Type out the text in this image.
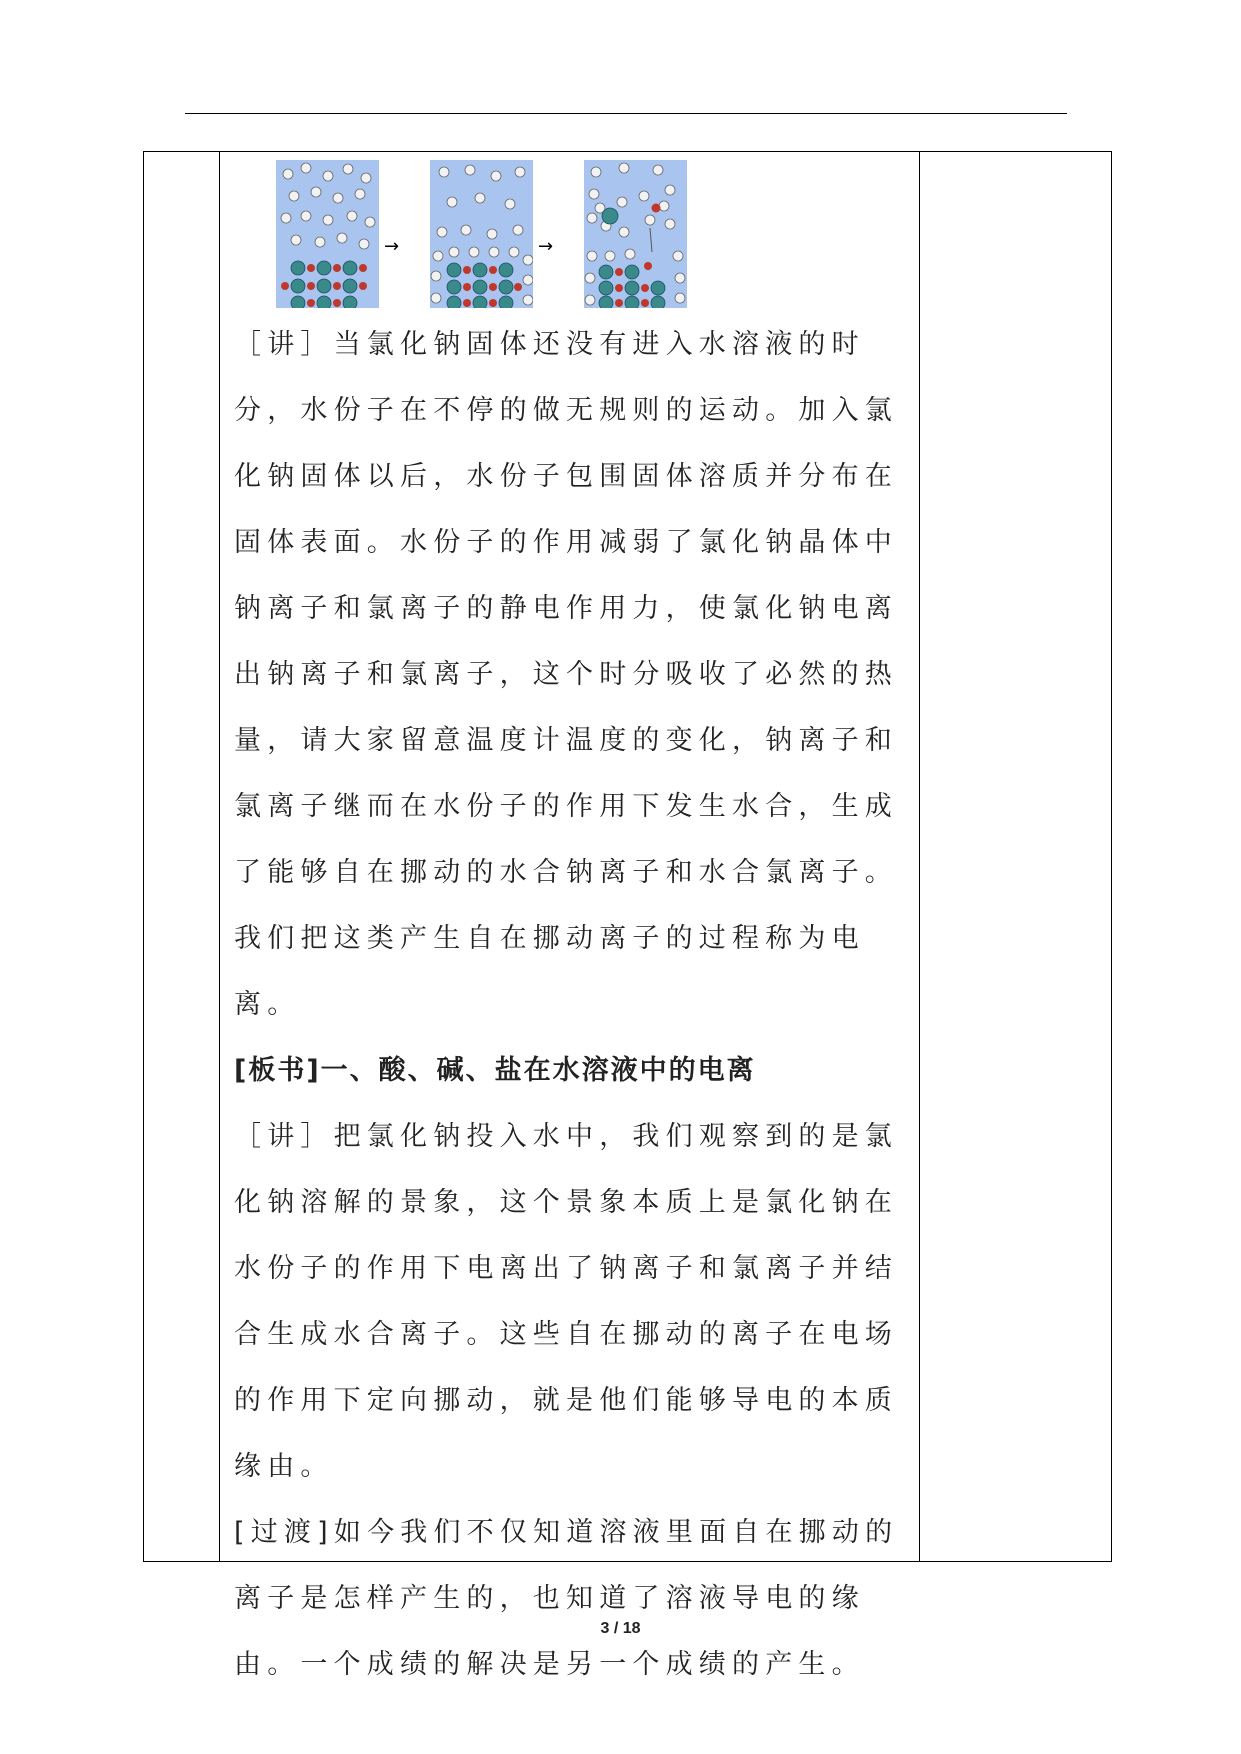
→	→

［讲］当氯化钠固体还没有进入水溶液的时分，水份子在不停的做无规则的运动。加入氯化钠固体以后，水份子包围固体溶质并分布在固体表面。水份子的作用减弱了氯化钠晶体中钠离子和氯离子的静电作用力，使氯化钠电离出钠离子和氯离子，这个时分吸收了必然的热量，请大家留意温度计温度的变化，钠离子和氯离子继而在水份子的作用下发生水合，生成了能够自在挪动的水合钠离子和水合氯离子。我们把这类产生自在挪动离子的过程称为电离。

[板书]一、酸、碱、盐在水溶液中的电离

［讲］把氯化钠投入水中，我们观察到的是氯化钠溶解的景象，这个景象本质上是氯化钠在水份子的作用下电离出了钠离子和氯离子并结合生成水合离子。这些自在挪动的离子在电场的作用下定向挪动，就是他们能够导电的本质缘由。

[过渡]如今我们不仅知道溶液里面自在挪动的离子是怎样产生的，也知道了溶液导电的缘由。一个成绩的解决是另一个成绩的产生。

3 / 18
